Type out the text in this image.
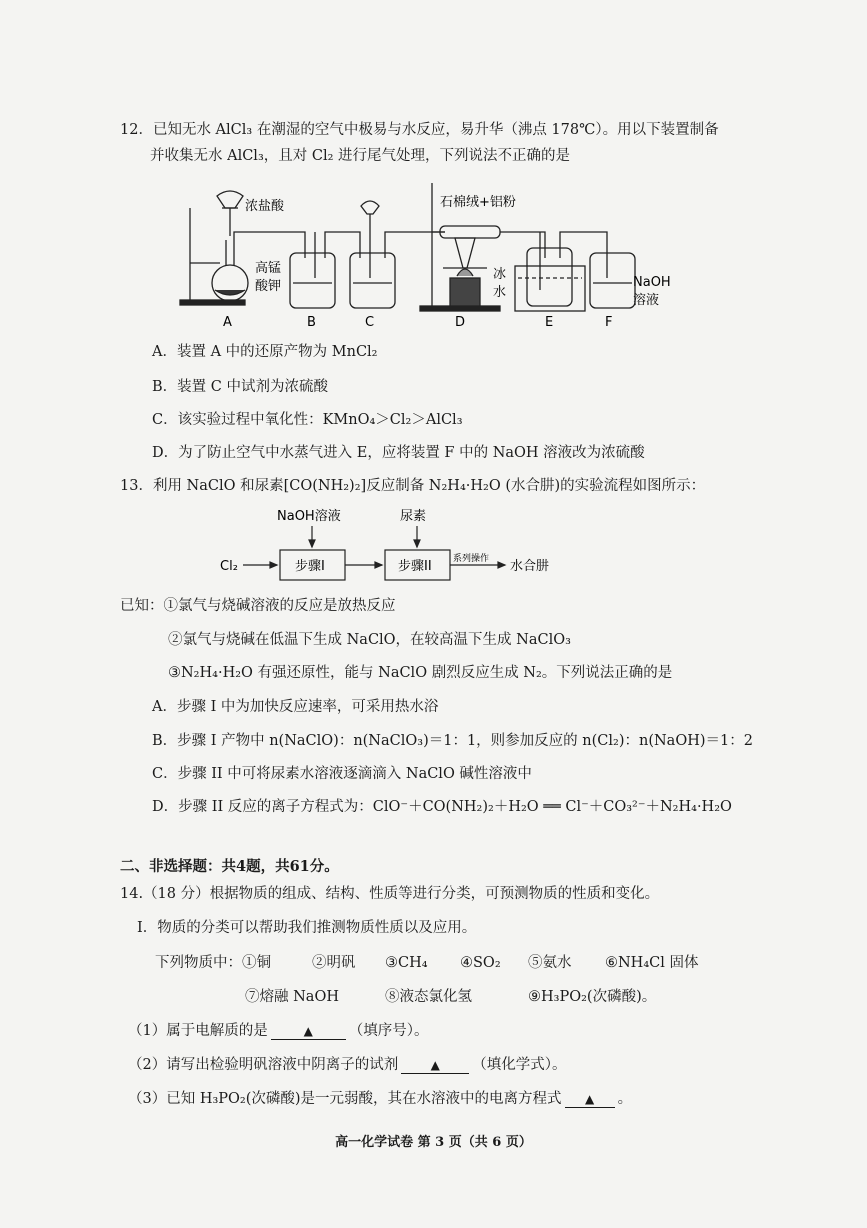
12．已知无水 AlCl₃ 在潮湿的空气中极易与水反应，易升华（沸点 178℃）。用以下装置制备
并收集无水 AlCl₃，且对 Cl₂ 进行尾气处理，下列说法不正确的是
浓盐酸
高锰
酸钾
石棉绒+铝粉
冰
水
NaOH
溶液
A	B	C	D	E	F
A．装置 A 中的还原产物为 MnCl₂
B．装置 C 中试剂为浓硫酸
C．该实验过程中氧化性：KMnO₄＞Cl₂＞AlCl₃
D．为了防止空气中水蒸气进入 E，应将装置 F 中的 NaOH 溶液改为浓硫酸
13．利用 NaClO 和尿素[CO(NH₂)₂]反应制备 N₂H₄·H₂O (水合肼)的实验流程如图所示：
NaOH溶液	尿素
Cl₂	步骤I	步骤II 系列操作 水合肼
已知：①氯气与烧碱溶液的反应是放热反应
②氯气与烧碱在低温下生成 NaClO，在较高温下生成 NaClO₃
③N₂H₄·H₂O 有强还原性，能与 NaClO 剧烈反应生成 N₂。下列说法正确的是
A．步骤 I 中为加快反应速率，可采用热水浴
B．步骤 I 产物中 n(NaClO)：n(NaClO₃)＝1：1，则参加反应的 n(Cl₂)：n(NaOH)＝1：2
C．步骤 II 中可将尿素水溶液逐滴滴入 NaClO 碱性溶液中
D．步骤 II 反应的离子方程式为：ClO⁻＋CO(NH₂)₂＋H₂O ══ Cl⁻＋CO₃²⁻＋N₂H₄·H₂O
二、非选择题：共4题，共61分。
14.（18 分）根据物质的组成、结构、性质等进行分类，可预测物质的性质和变化。
I．物质的分类可以帮助我们推测物质性质以及应用。
下列物质中：①铜	②明矾 ③CH₄ ④SO₂ ⑤氨水 ⑥NH₄Cl 固体
⑦熔融 NaOH	⑧液态氯化氢	⑨H₃PO₂(次磷酸)。
（1）属于电解质的是	▲ （填序号）。
（2）请写出检验明矾溶液中阴离子的试剂	▲ （填化学式）。
（3）已知 H₃PO₂(次磷酸)是一元弱酸，其在水溶液中的电离方程式 ▲ 。
高一化学试卷 第 3 页（共 6 页）
